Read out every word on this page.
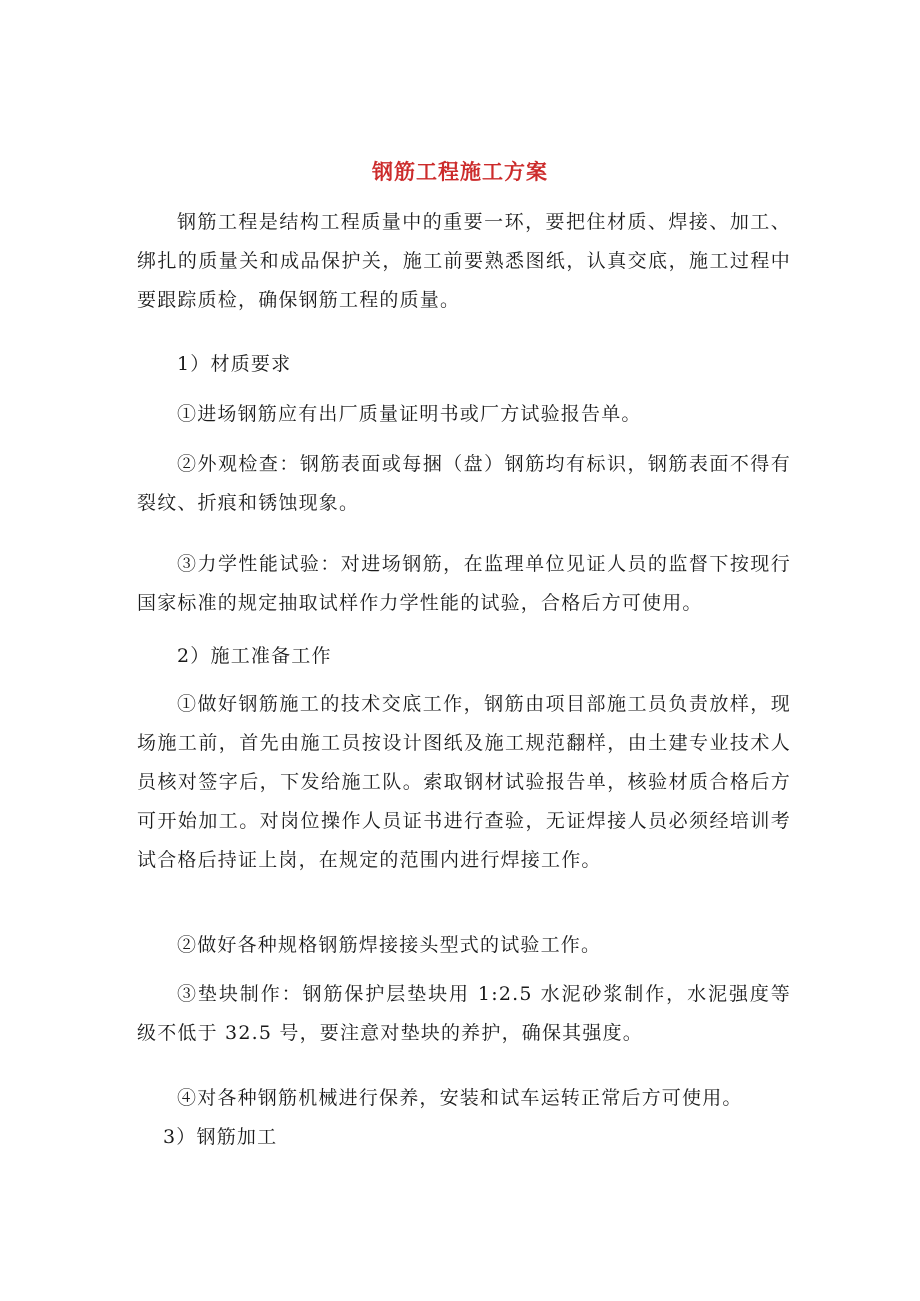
钢筋工程施工方案

钢筋工程是结构工程质量中的重要一环，要把住材质、焊接、加工、绑扎的质量关和成品保护关，施工前要熟悉图纸，认真交底，施工过程中要跟踪质检，确保钢筋工程的质量。

1）材质要求

①进场钢筋应有出厂质量证明书或厂方试验报告单。

②外观检查：钢筋表面或每捆（盘）钢筋均有标识，钢筋表面不得有裂纹、折痕和锈蚀现象。

③力学性能试验：对进场钢筋，在监理单位见证人员的监督下按现行国家标准的规定抽取试样作力学性能的试验，合格后方可使用。

2）施工准备工作

①做好钢筋施工的技术交底工作，钢筋由项目部施工员负责放样，现场施工前，首先由施工员按设计图纸及施工规范翻样，由土建专业技术人员核对签字后，下发给施工队。索取钢材试验报告单，核验材质合格后方可开始加工。对岗位操作人员证书进行查验，无证焊接人员必须经培训考试合格后持证上岗，在规定的范围内进行焊接工作。

②做好各种规格钢筋焊接接头型式的试验工作。

③垫块制作：钢筋保护层垫块用 1:2.5 水泥砂浆制作，水泥强度等级不低于 32.5 号，要注意对垫块的养护，确保其强度。

④对各种钢筋机械进行保养，安装和试车运转正常后方可使用。

3）钢筋加工
